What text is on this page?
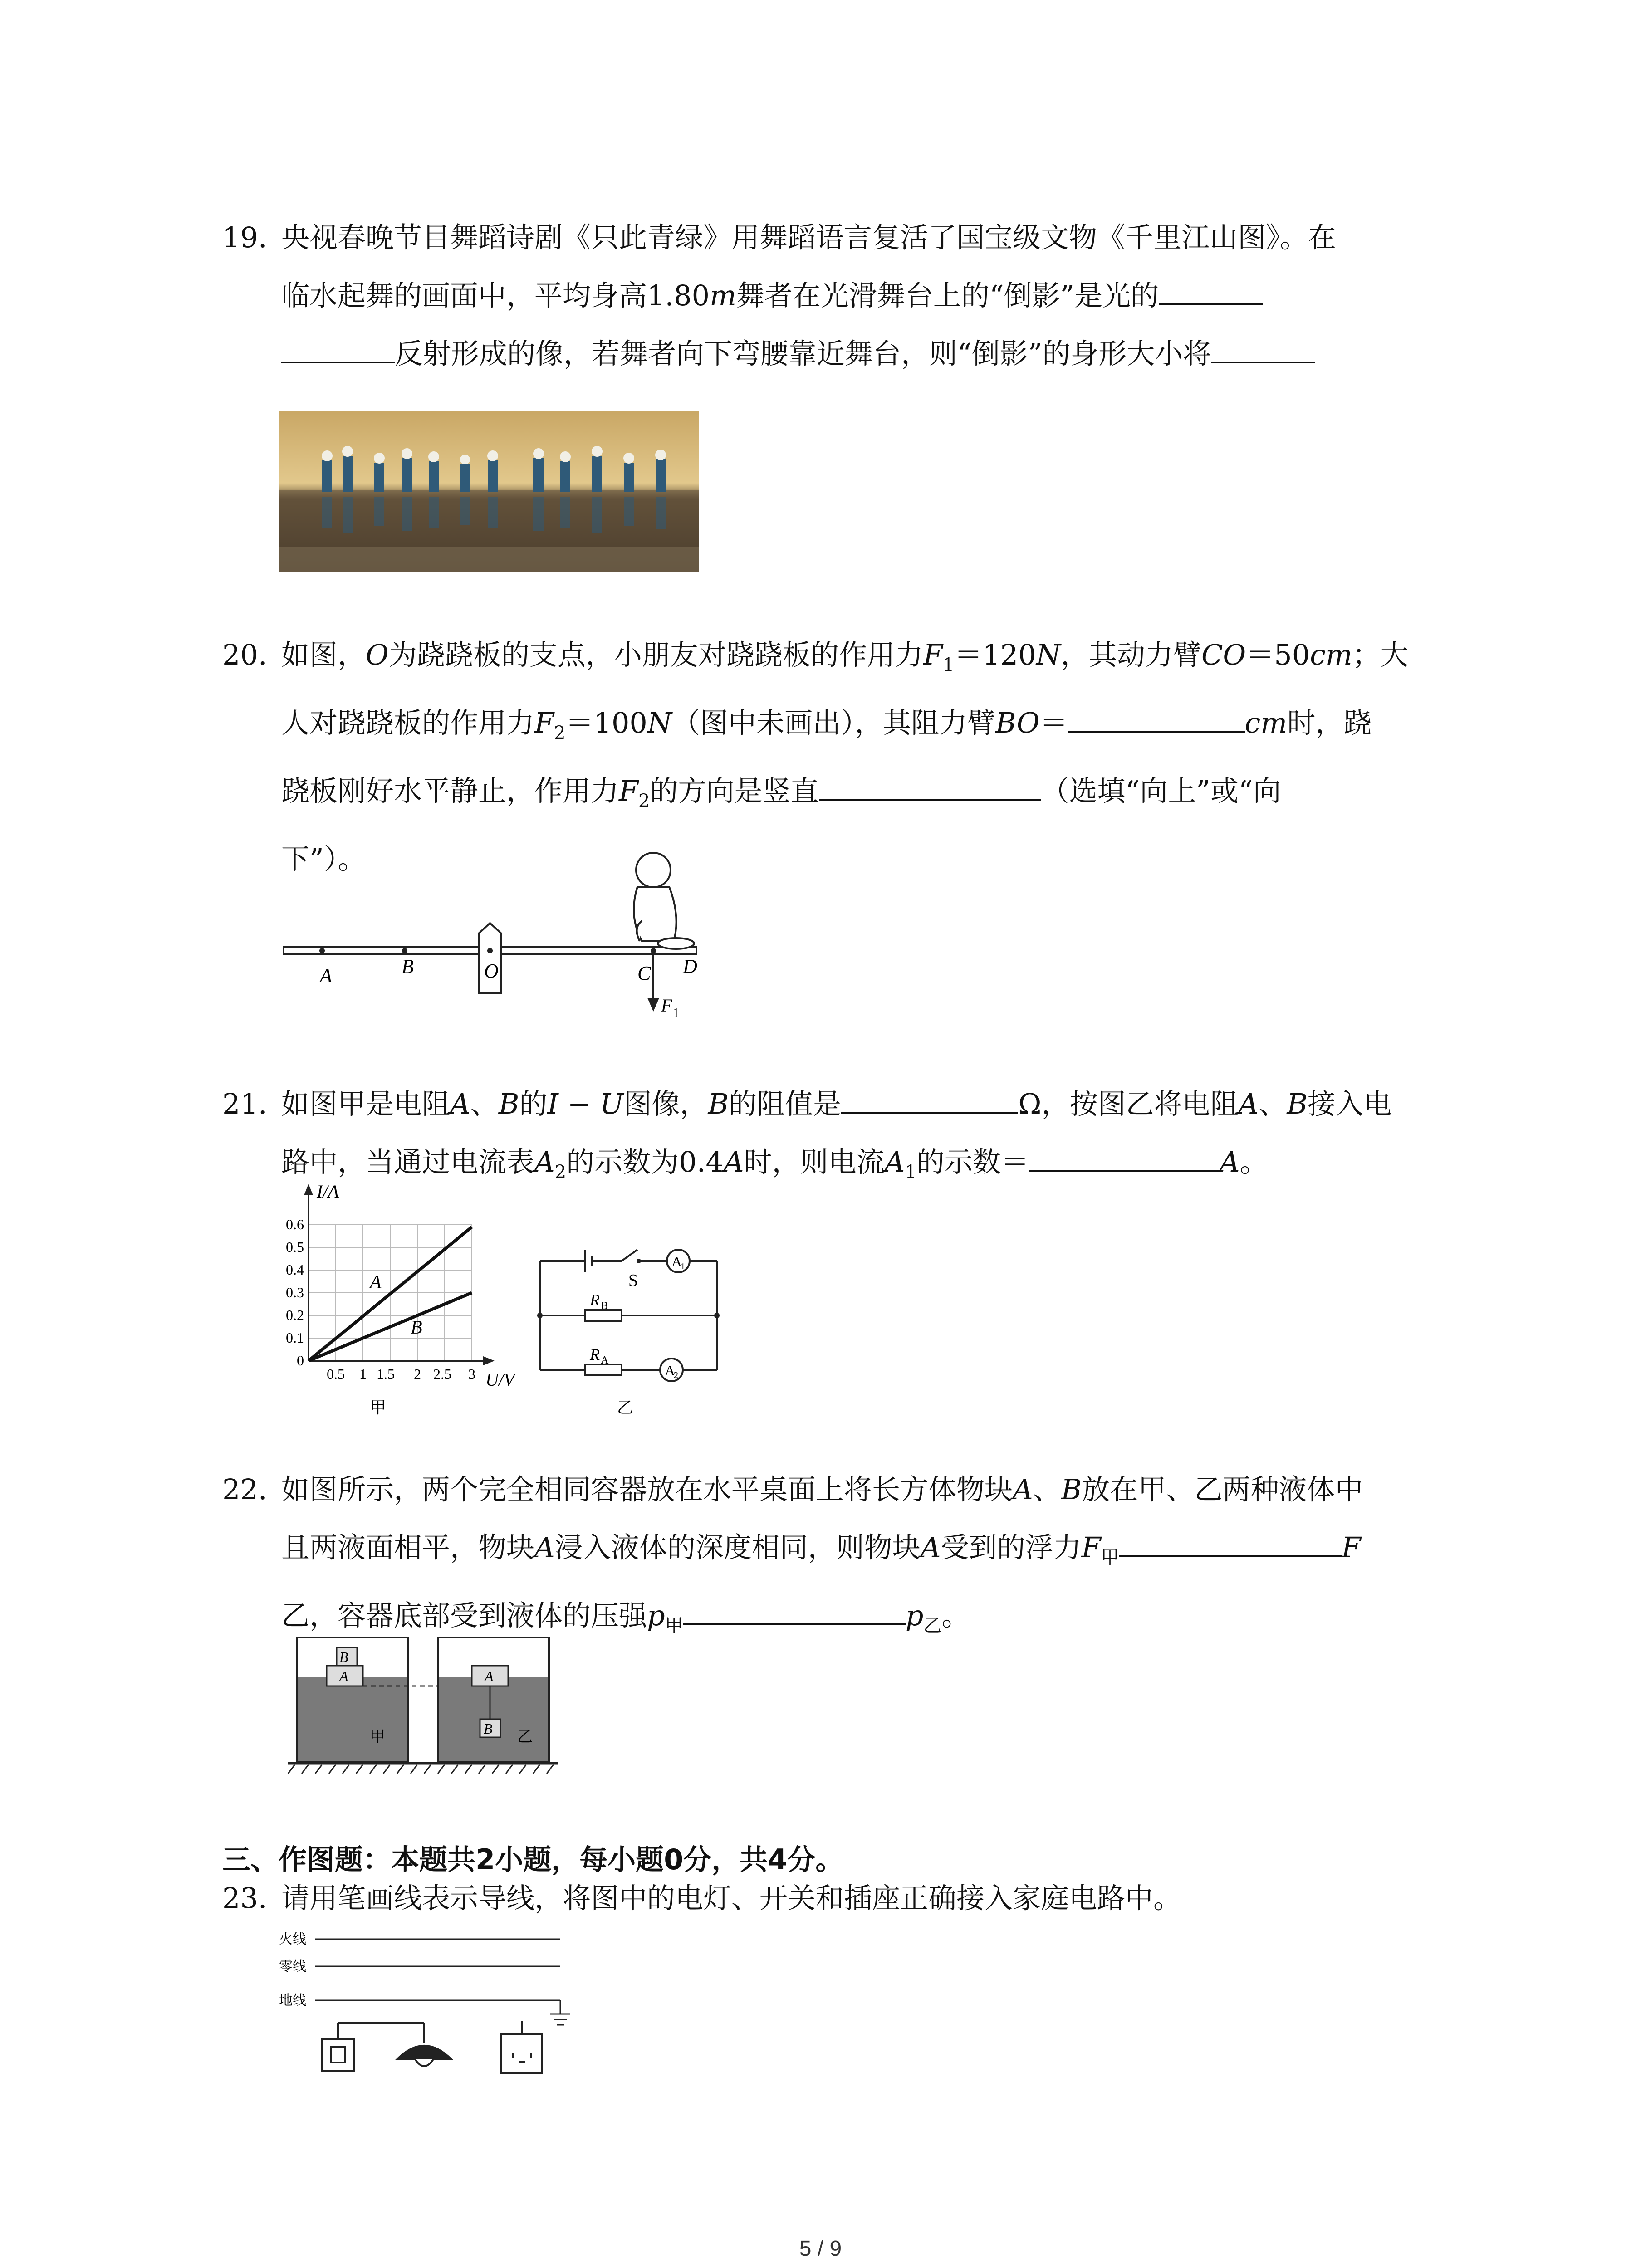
19. 央视春晚节目舞蹈诗剧《只此青绿》用舞蹈语言复活了国宝级文物《千里江山图》。在

临水起舞的画面中，平均身高1.80m舞者在光滑舞台上的“倒影”是光的

反射形成的像，若舞者向下弯腰靠近舞台，则“倒影”的身形大小将

20. 如图，O为跷跷板的支点，小朋友对跷跷板的作用力$F_1=120N$，其动力臂CO＝50cm；大

人对跷跷板的作用力$F_2=100N$（图中未画出），其阻力臂BO＝	cm时，跷

跷板刚好水平静止，作用力$F_2$的方向是竖直	（选填“向上”或“向

下”）。

A	B	O	C D
F 1

21. 如图甲是电阻A、B的I − U图像，B的阻值是	Ω，按图乙将电阻A、B接入电

路中，当通过电流表$A_2$的示数为0.4A时，则电流$A_1$的示数＝	A。

I/A
U/V
0.6
0.5
0.4
0.3
0.2
0.1
0
0.5 1 1.5 2 2.5 3
A
B
甲
S
A
1
R B
R A
A
2
乙

22. 如图所示，两个完全相同容器放在水平桌面上将长方体物块A、B放在甲、乙两种液体中

且两液面相平，物块A浸入液体的深度相同，则物块A受到的浮力$F_甲$	F

乙，容器底部受到液体的压强$p_甲$	$p_乙$。

B
A
甲
A
B 乙
三、作图题：本题共2小题，每小题0分，共4分。

23. 请用笔画线表示导线，将图中的电灯、开关和插座正确接入家庭电路中。

火线
零线
地线
5 / 9
